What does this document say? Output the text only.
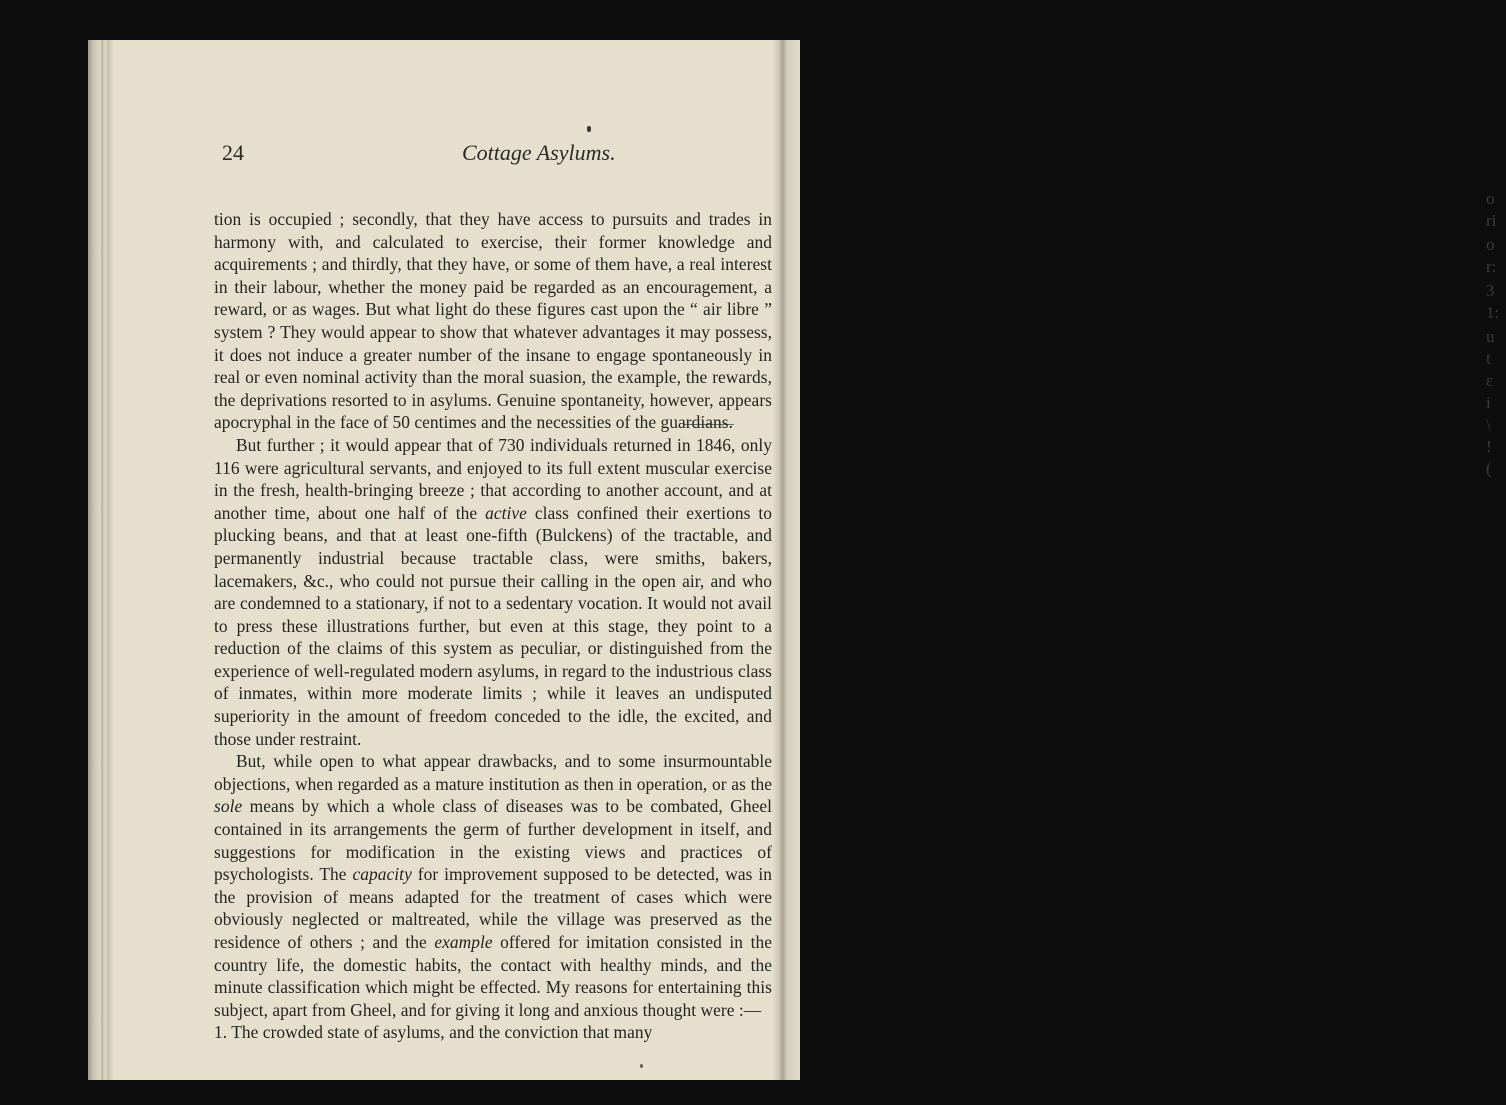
o
ri
o
r:
3
1:
u
t
ε
i
\
!
(
24	Cottage Asylums.

tion is occupied ; secondly, that they have access to pursuits and trades in harmony with, and calculated to exercise, their former knowledge and acquirements ; and thirdly, that they have, or some of them have, a real interest in their labour, whether the money paid be regarded as an encouragement, a reward, or as wages. But what light do these figures cast upon the “ air libre ” system ? They would appear to show that whatever advantages it may possess, it does not induce a greater number of the insane to engage spontaneously in real or even nominal activity than the moral suasion, the example, the rewards, the deprivations resorted to in asylums. Genuine spontaneity, however, appears apocryphal in the face of 50 centimes and the necessities of the guardians.

But further ; it would appear that of 730 individuals returned in 1846, only 116 were agricultural servants, and enjoyed to its full extent muscular exercise in the fresh, health-bringing breeze ; that according to another account, and at another time, about one half of the active class confined their exertions to plucking beans, and that at least one-fifth (Bulckens) of the tractable, and permanently industrial because tractable class, were smiths, bakers, lacemakers, &c., who could not pursue their calling in the open air, and who are condemned to a stationary, if not to a sedentary vocation. It would not avail to press these illustrations further, but even at this stage, they point to a reduction of the claims of this system as peculiar, or distinguished from the experience of well-regulated modern asylums, in regard to the industrious class of inmates, within more moderate limits ; while it leaves an undisputed superiority in the amount of freedom conceded to the idle, the excited, and those under restraint.

But, while open to what appear drawbacks, and to some insurmountable objections, when regarded as a mature institution as then in operation, or as the sole means by which a whole class of diseases was to be combated, Gheel contained in its arrangements the germ of further development in itself, and suggestions for modification in the existing views and practices of psychologists. The capacity for improvement supposed to be detected, was in the provision of means adapted for the treatment of cases which were obviously neglected or maltreated, while the village was preserved as the residence of others ; and the example offered for imitation consisted in the country life, the domestic habits, the contact with healthy minds, and the minute classification which might be effected. My reasons for entertaining this subject, apart from Gheel, and for giving it long and anxious thought were :—

1. The crowded state of asylums, and the conviction that many
